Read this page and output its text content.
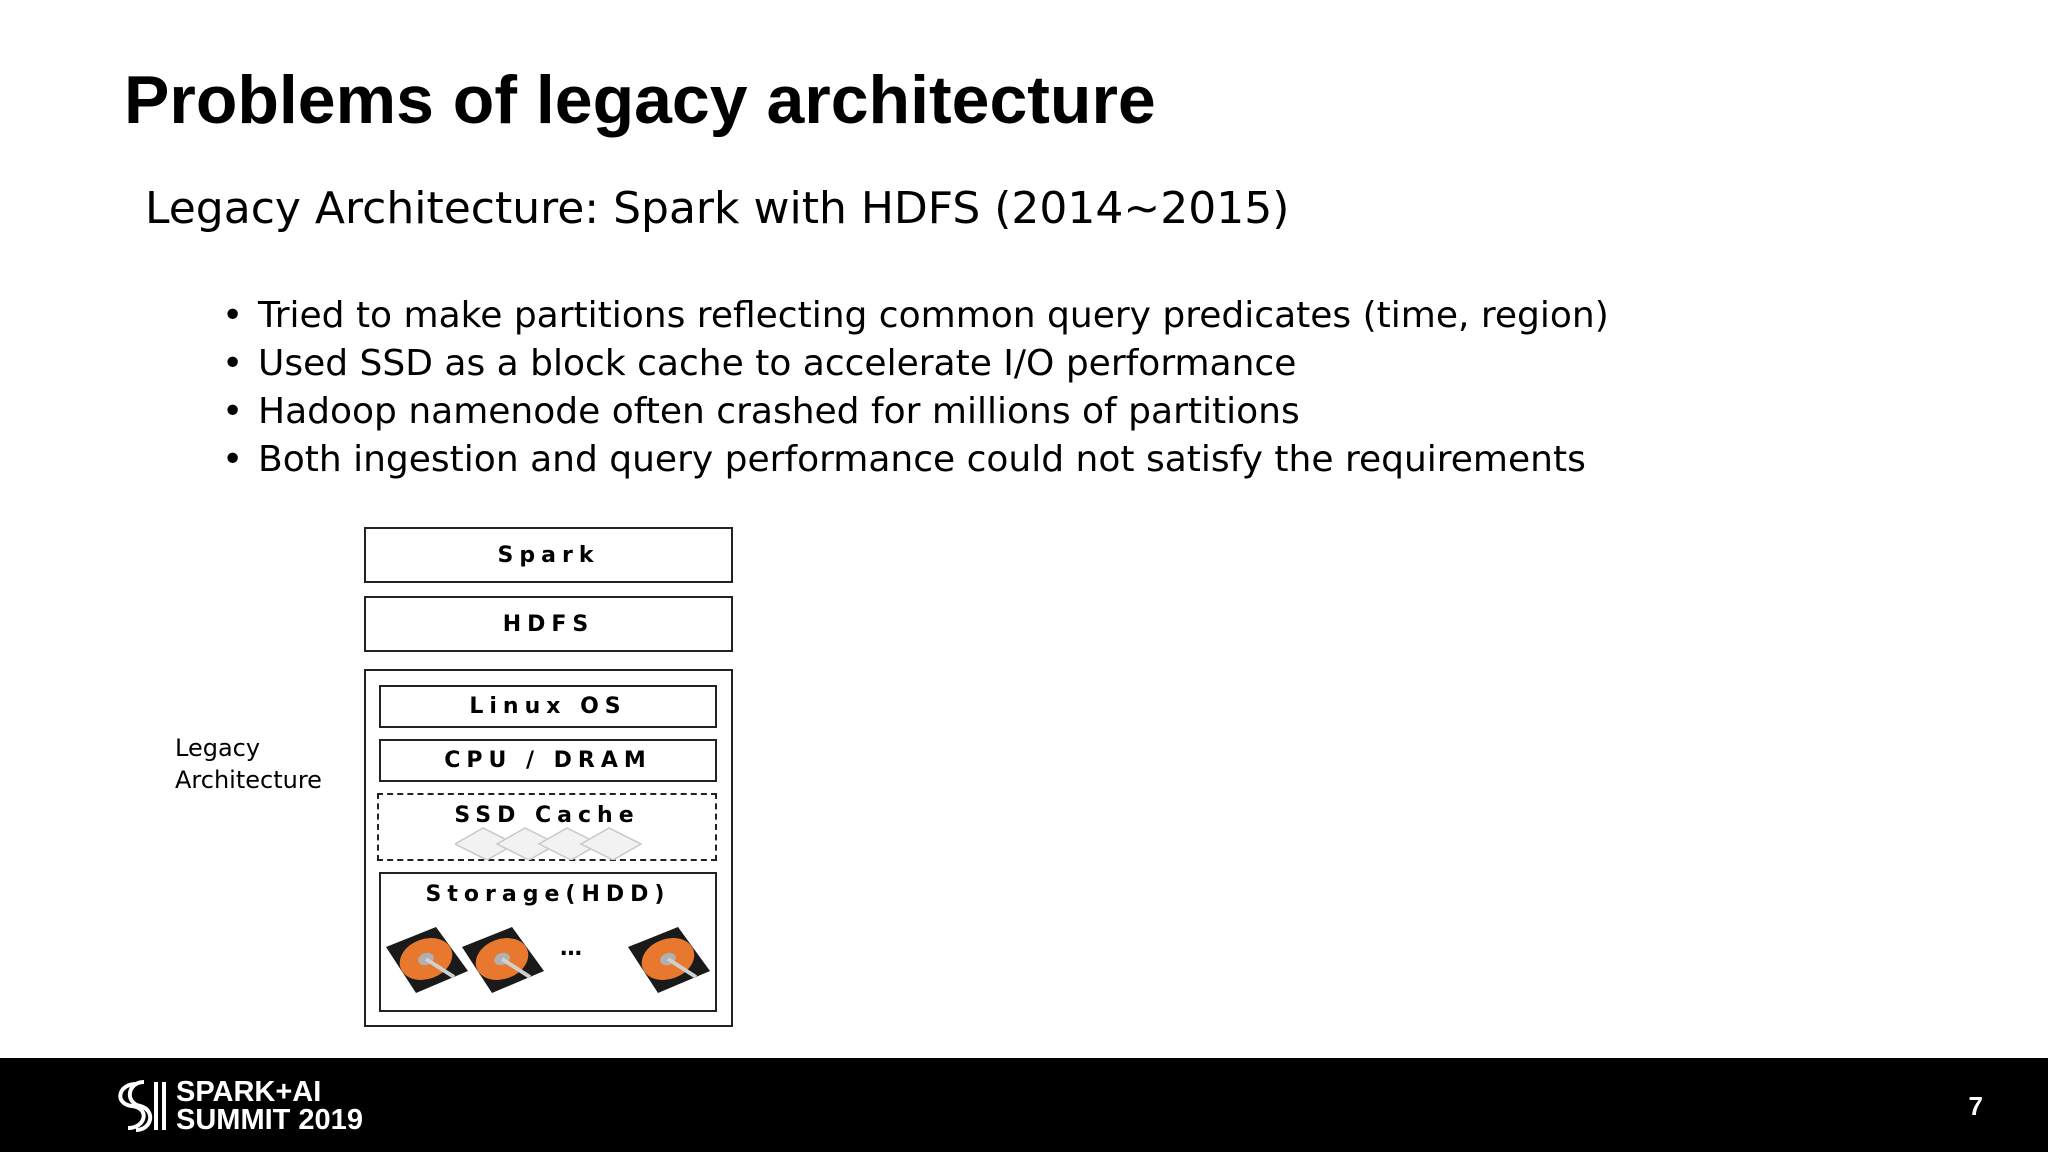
Problems of legacy architecture
Legacy Architecture: Spark with HDFS (2014~2015)
• Tried to make partitions reflecting common query predicates (time, region)
• Used SSD as a block cache to accelerate I/O performance
• Hadoop namenode often crashed for millions of partitions
• Both ingestion and query performance could not satisfy the requirements
Spark
HDFS
Linux OS
CPU / DRAM
SSD Cache
Storage(HDD)
…
Legacy
Architecture
SPARK+AI
SUMMIT 2019	7
